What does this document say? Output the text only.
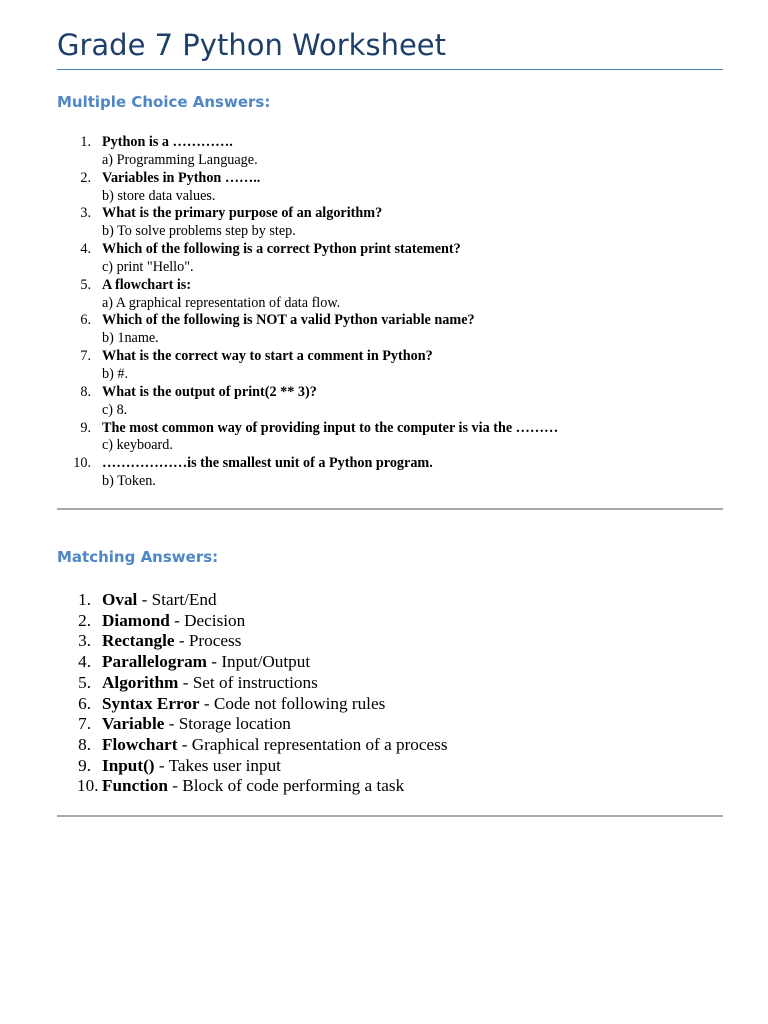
Grade 7 Python Worksheet
Multiple Choice Answers:
1. Python is a ………….
a) Programming Language.
2. Variables in Python ……..
b) store data values.
3. What is the primary purpose of an algorithm?
b) To solve problems step by step.
4. Which of the following is a correct Python print statement?
c) print "Hello".
5. A flowchart is:
a) A graphical representation of data flow.
6. Which of the following is NOT a valid Python variable name?
b) 1name.
7. What is the correct way to start a comment in Python?
b) #.
8. What is the output of print(2 ** 3)?
c) 8.
9. The most common way of providing input to the computer is via the ………
c) keyboard.
10. ………………is the smallest unit of a Python program.
b) Token.
Matching Answers:
1. Oval - Start/End
2. Diamond - Decision
3. Rectangle - Process
4. Parallelogram - Input/Output
5. Algorithm - Set of instructions
6. Syntax Error - Code not following rules
7. Variable - Storage location
8. Flowchart - Graphical representation of a process
9. Input() - Takes user input
10. Function - Block of code performing a task
